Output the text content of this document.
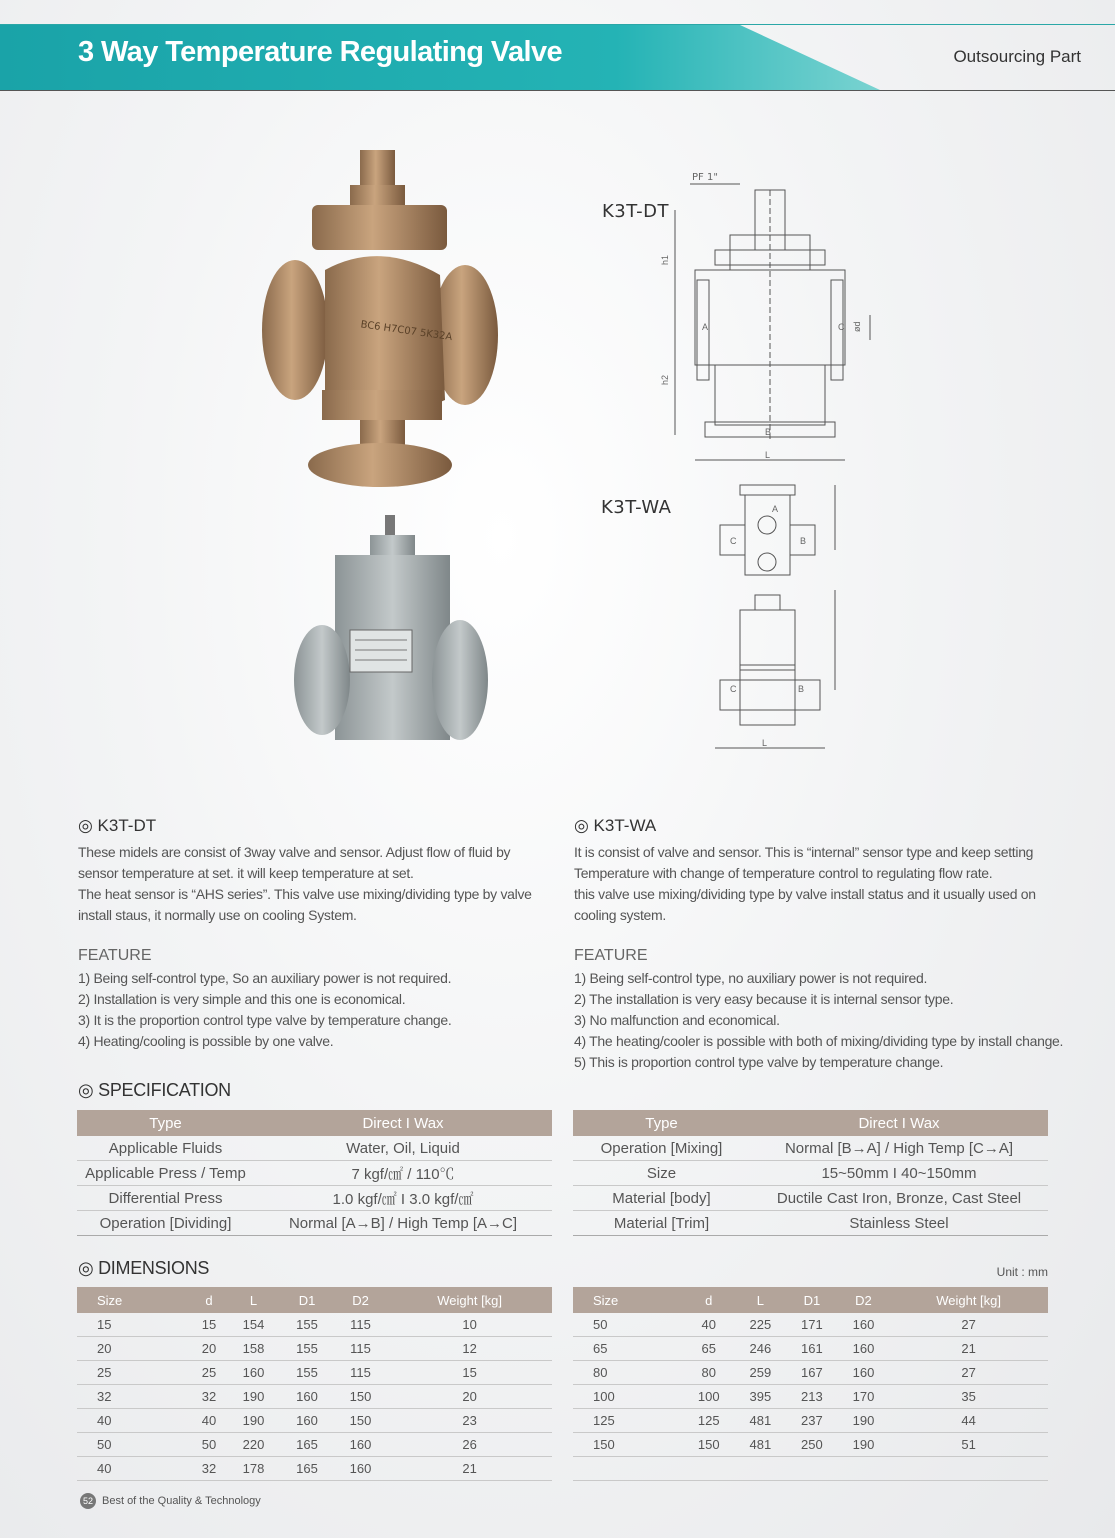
3 Way Temperature Regulating Valve	Outsourcing Part
BC6 H7C07 5K32A
K3T-DT
K3T-WA
PF 1"
A	C
B
L
h1
h2
ød
A
C	B
C	B
L
◎ K3T-DT
These midels are consist of 3way valve and sensor. Adjust flow of fluid by
sensor temperature at set. it will keep temperature at set.
The heat sensor is “AHS series”. This valve use mixing/dividing type by valve
install staus, it normally use on cooling System.
FEATURE
1) Being self-control type, So an auxiliary power is not required.
2) Installation is very simple and this one is economical.
3) It is the proportion control type valve by temperature change.
4) Heating/cooling is possible by one valve.
◎ K3T-WA
It is consist of valve and sensor. This is “internal” sensor type and keep setting
Temperature with change of temperature control to regulating flow rate.
this valve use mixing/dividing type by valve install status and it usually used on
cooling system.
FEATURE
1) Being self-control type, no auxiliary power is not required.
2) The installation is very easy because it is internal sensor type.
3) No malfunction and economical.
4) The heating/cooler is possible with both of mixing/dividing type by install change.
5) This is proportion control type valve by temperature change.
◎ SPECIFICATION
Type	Direct I Wax
Applicable Fluids	Water, Oil, Liquid
Applicable Press / Temp	7 kgf/㎠ / 110℃
Differential Press	1.0 kgf/㎠ I 3.0 kgf/㎠
Operation [Dividing]	Normal [A→B] / High Temp [A→C]
Type	Direct I Wax
Operation [Mixing]	Normal [B→A] / High Temp [C→A]
Size	15~50mm I 40~150mm
Material [body]	Ductile Cast Iron, Bronze, Cast Steel
Material [Trim]	Stainless Steel
◎ DIMENSIONS	Unit : mm
Size	d	L	D1	D2	Weight [kg]
15	15	154	155	115	10
20	20	158	155	115	12
25	25	160	155	115	15
32	32	190	160	150	20
40	40	190	160	150	23
50	50	220	165	160	26
40	32	178	165	160	21
Size	d	L	D1	D2	Weight [kg]
50	40	225	171	160	27
65	65	246	161	160	21
80	80	259	167	160	27
100	100	395	213	170	35
125	125	481	237	190	44
150	150	481	250	190	51

52 Best of the Quality & Technology
